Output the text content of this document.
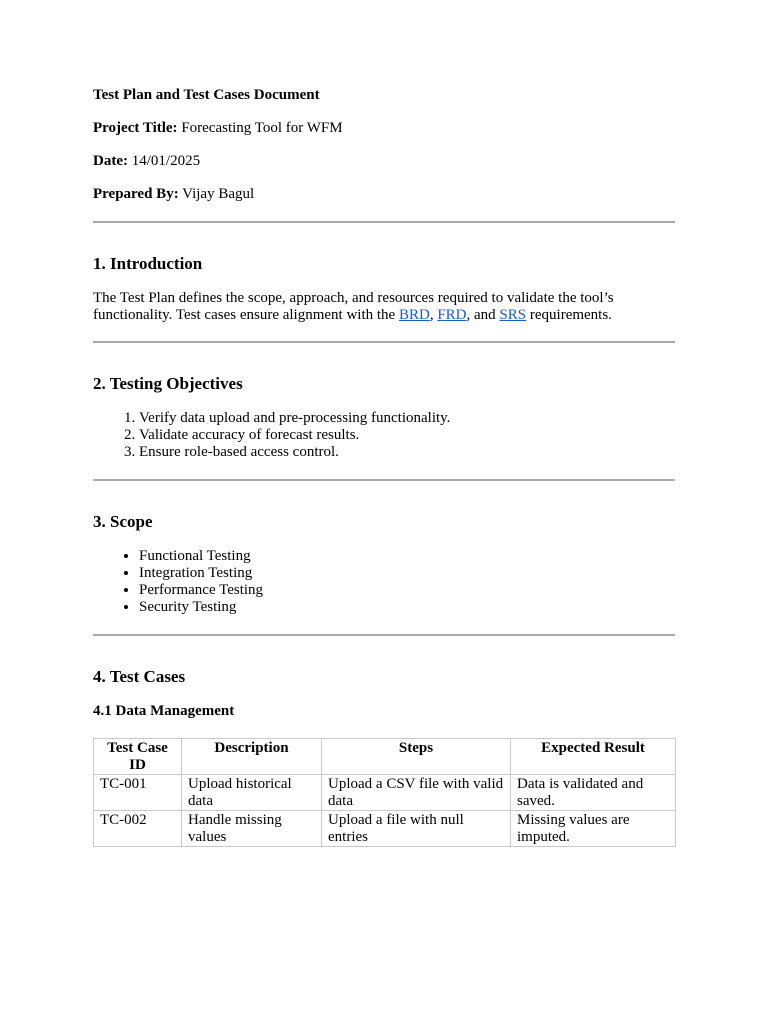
Test Plan and Test Cases Document

Project Title: Forecasting Tool for WFM

Date: 14/01/2025

Prepared By: Vijay Bagul

1. Introduction

The Test Plan defines the scope, approach, and resources required to validate the tool’s functionality. Test cases ensure alignment with the BRD, FRD, and SRS requirements.

2. Testing Objectives
1. Verify data upload and pre-processing functionality.
2. Validate accuracy of forecast results.
3. Ensure role-based access control.
3. Scope
• Functional Testing
• Integration Testing
• Performance Testing
• Security Testing
4. Test Cases
4.1 Data Management
Test Case ID	Description	Steps	Expected Result
TC-001	Upload historical data	Upload a CSV file with valid data	Data is validated and saved.
TC-002	Handle missing values	Upload a file with null entries	Missing values are imputed.
